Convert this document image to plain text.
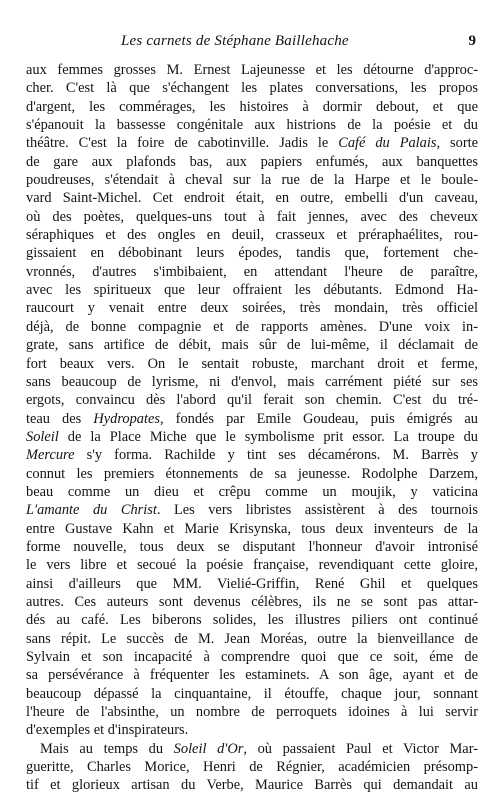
Les carnets de Stéphane Baillehache	9
aux femmes grosses M. Ernest Lajeunesse et les détourne d'approc-
cher. C'est là que s'échangent les plates conversations, les propos
d'argent, les commérages, les histoires à dormir debout, et que
s'épanouit la bassesse congénitale aux histrions de la poésie et du
théâtre. C'est la foire de cabotinville. Jadis le Café du Palais, sorte
de gare aux plafonds bas, aux papiers enfumés, aux banquettes
poudreuses, s'étendait à cheval sur la rue de la Harpe et le boule-
vard Saint-Michel. Cet endroit était, en outre, embelli d'un caveau,
où des poètes, quelques-uns tout à fait jennes, avec des cheveux
séraphiques et des ongles en deuil, crasseux et préraphaélites, rou-
gissaient en débobinant leurs épodes, tandis que, fortement che-
vronnés, d'autres s'imbibaient, en attendant l'heure de paraître,
avec les spiritueux que leur offraient les débutants. Edmond Ha-
raucourt y venait entre deux soirées, très mondain, très officiel
déjà, de bonne compagnie et de rapports amènes. D'une voix in-
grate, sans artifice de débit, mais sûr de lui-même, il déclamait de
fort beaux vers. On le sentait robuste, marchant droit et ferme,
sans beaucoup de lyrisme, ni d'envol, mais carrément piété sur ses
ergots, convaincu dès l'abord qu'il ferait son chemin. C'est du tré-
teau des Hydropates, fondés par Emile Goudeau, puis émigrés au
Soleil de la Place Miche que le symbolisme prit essor. La troupe du
Mercure s'y forma. Rachilde y tint ses décamérons. M. Barrès y
connut les premiers étonnements de sa jeunesse. Rodolphe Darzem,
beau comme un dieu et crêpu comme un moujik, y vaticina
L'amante du Christ. Les vers libristes assistèrent à des tournois
entre Gustave Kahn et Marie Krisynska, tous deux inventeurs de la
forme nouvelle, tous deux se disputant l'honneur d'avoir intronisé
le vers libre et secoué la poésie française, revendiquant cette gloire,
ainsi d'ailleurs que MM. Vielié-Griffin, René Ghil et quelques
autres. Ces auteurs sont devenus célèbres, ils ne se sont pas attar-
dés au café. Les biberons solides, les illustres piliers ont continué
sans répit. Le succès de M. Jean Moréas, outre la bienveillance de
Sylvain et son incapacité à comprendre quoi que ce soit, éme de
sa persévérance à fréquenter les estaminets. A son âge, ayant et de
beaucoup dépassé la cinquantaine, il étouffe, chaque jour, sonnant
l'heure de l'absinthe, un nombre de perroquets idoines à lui servir
d'exemples et d'inspirateurs.
Mais au temps du Soleil d'Or, où passaient Paul et Victor Mar-
gueritte, Charles Morice, Henri de Régnier, académicien présomp-
tif et glorieux artisan du Verbe, Maurice Barrès qui demandait au
